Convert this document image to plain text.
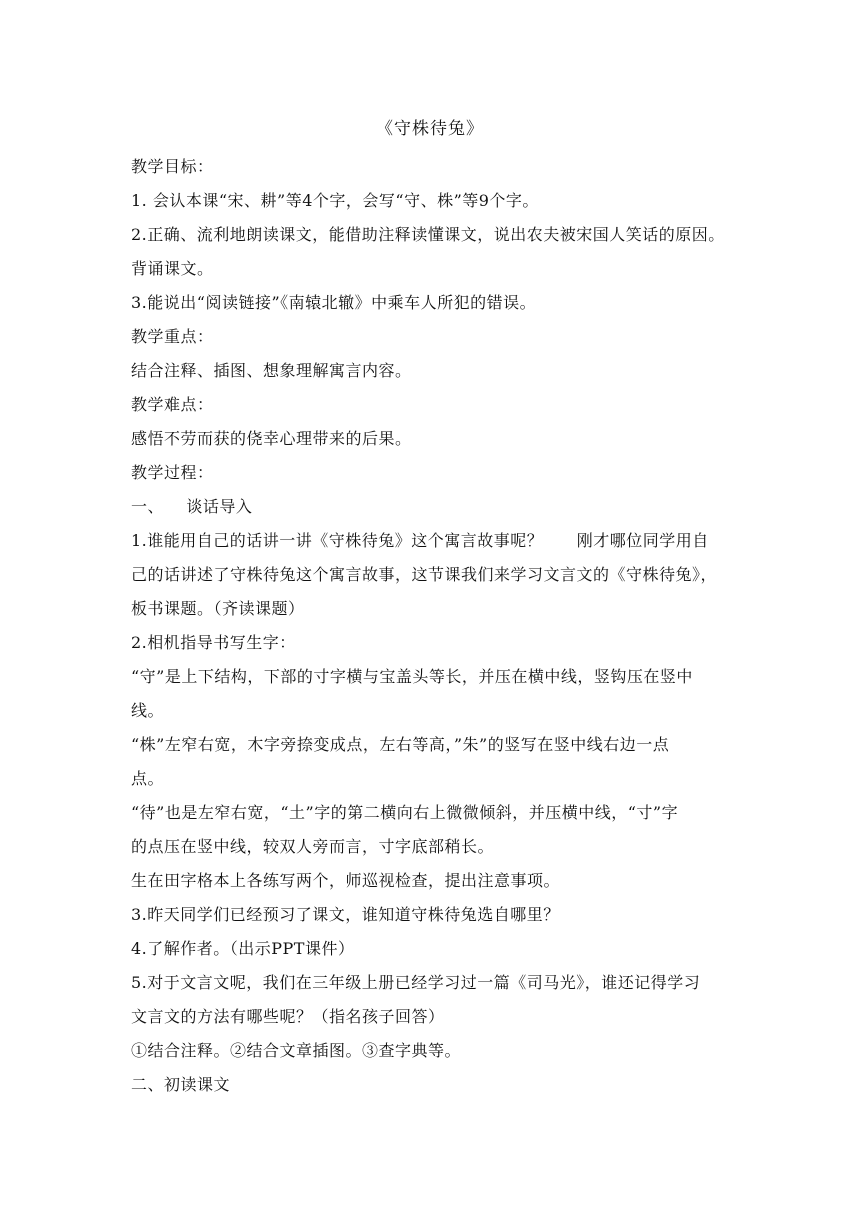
《守株待兔》
教学目标：
1. 会认本课“宋、耕”等4个字，会写“守、株”等9个字。
2.正确、流利地朗读课文，能借助注释读懂课文，说出农夫被宋国人笑话的原因。
背诵课文。
3.能说出“阅读链接”《南辕北辙》中乘车人所犯的错误。
教学重点：
结合注释、插图、想象理解寓言内容。
教学难点：
感悟不劳而获的侥幸心理带来的后果。
教学过程：
一、    谈话导入
1.谁能用自己的话讲一讲《守株待兔》这个寓言故事呢？      刚才哪位同学用自
己的话讲述了守株待兔这个寓言故事，这节课我们来学习文言文的《守株待兔》，
板书课题。（齐读课题）
2.相机指导书写生字：
“守”是上下结构，下部的寸字横与宝盖头等长，并压在横中线，竖钩压在竖中
线。
“株”左窄右宽，木字旁捺变成点，左右等高，”朱”的竖写在竖中线右边一点
点。
“待”也是左窄右宽，“土”字的第二横向右上微微倾斜，并压横中线，“寸”字
的点压在竖中线，较双人旁而言，寸字底部稍长。
生在田字格本上各练写两个，师巡视检查，提出注意事项。
3.昨天同学们已经预习了课文，谁知道守株待兔选自哪里？
4.了解作者。（出示PPT课件）
5.对于文言文呢，我们在三年级上册已经学习过一篇《司马光》，谁还记得学习
文言文的方法有哪些呢？（指名孩子回答）
①结合注释。②结合文章插图。③查字典等。
二、初读课文
